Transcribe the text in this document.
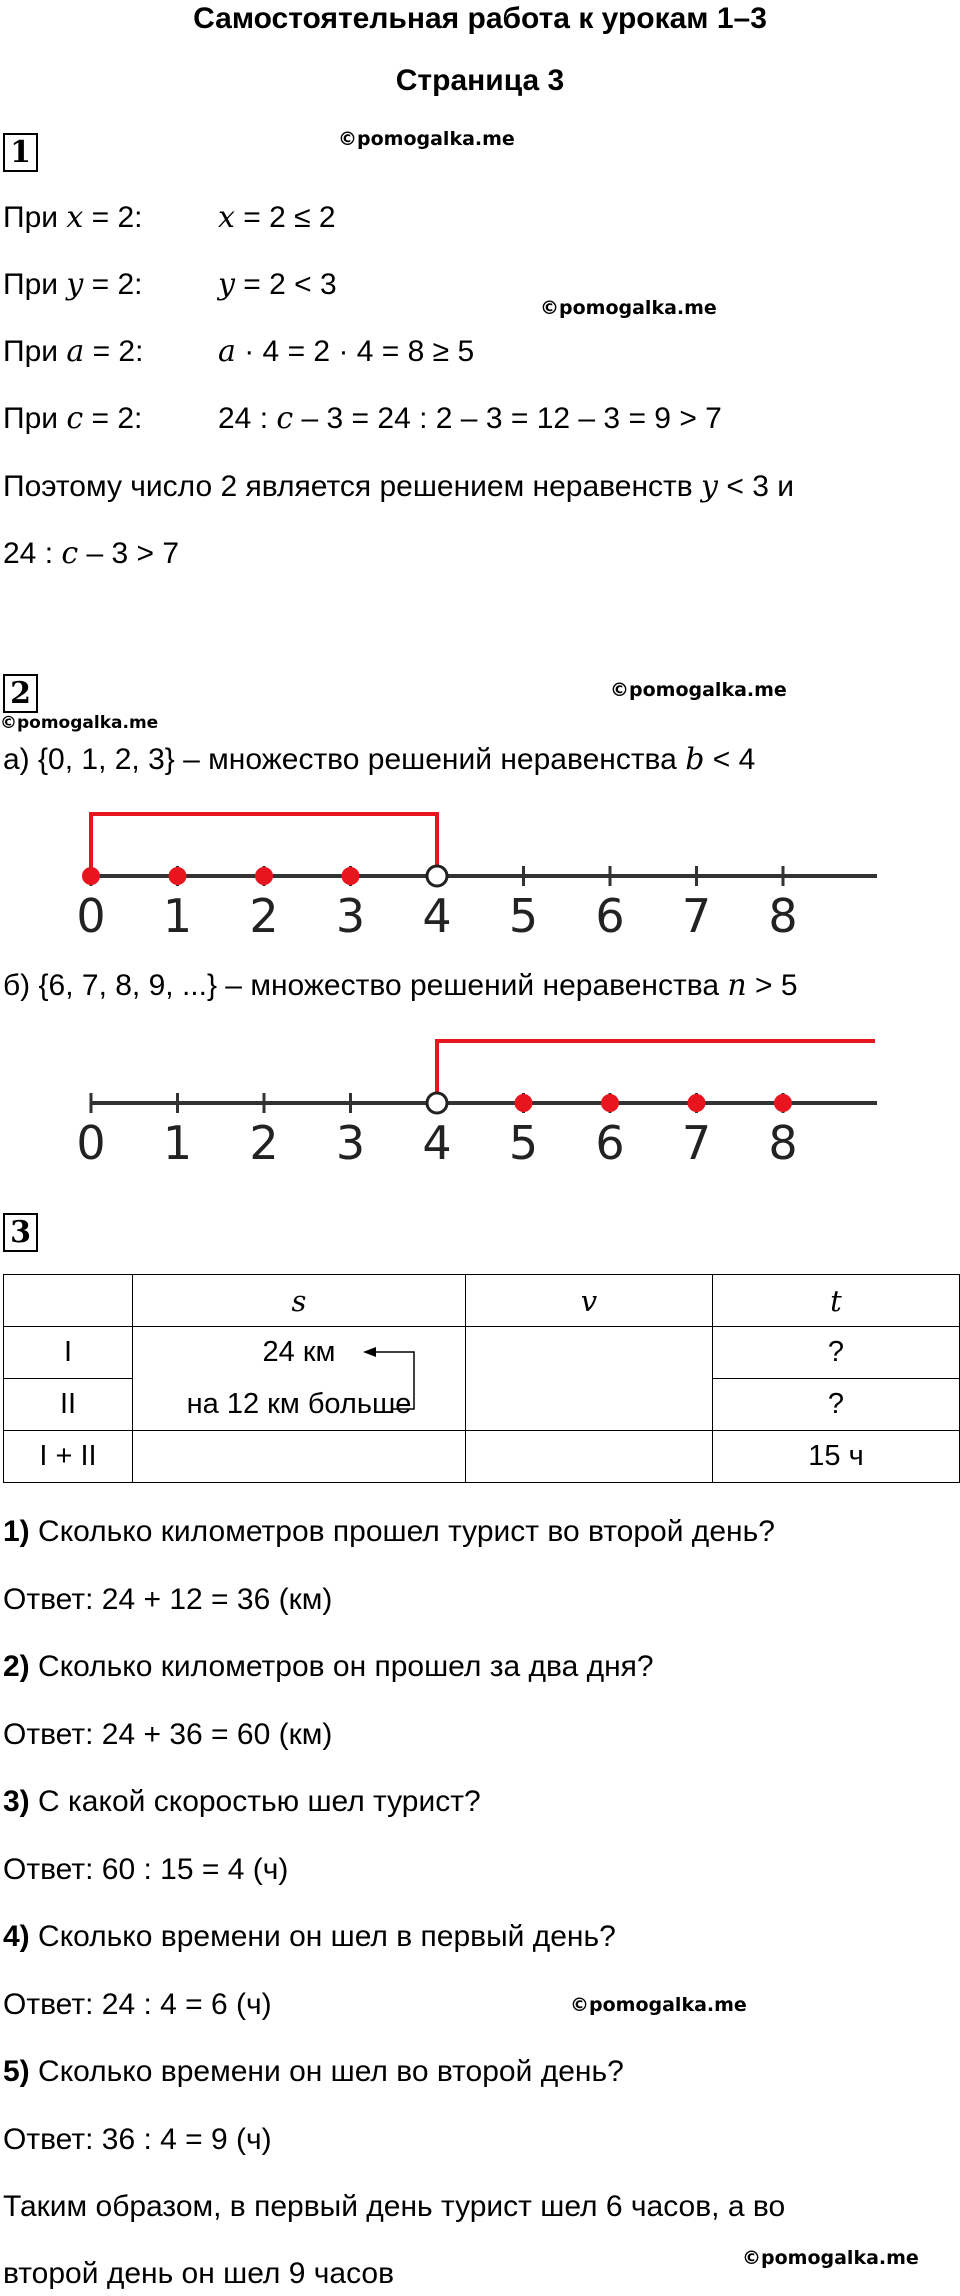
Самостоятельная работа к урокам 1–3
Страница 3
©pomogalka.me
©pomogalka.me
©pomogalka.me
©pomogalka.me
©pomogalka.me
©pomogalka.me
1
При x = 2:	x = 2 ≤ 2
При y = 2:	y = 2 < 3
При a = 2: a · 4 = 2 · 4 = 8 ≥ 5
При c = 2:	24 : c – 3 = 24 : 2 – 3 = 12 – 3 = 9 > 7
Поэтому число 2 является решением неравенств y < 3 и
24 : c – 3 > 7
2
а) {0, 1, 2, 3} – множество решений неравенства b < 4
0 1 2 3 4 5 6 7 8
б) {6, 7, 8, 9, ...} – множество решений неравенства n > 5
0 1 2 3 4 5 6 7 8
3
	s	v	t
I	24 км		?
II	на 12 км больше		?
I + II			15 ч
1) Сколько километров прошел турист во второй день?
Ответ: 24 + 12 = 36 (км)
2) Сколько километров он прошел за два дня?
Ответ: 24 + 36 = 60 (км)
3) С какой скоростью шел турист?
Ответ: 60 : 15 = 4 (ч)
4) Сколько времени он шел в первый день?
Ответ: 24 : 4 = 6 (ч)
5) Сколько времени он шел во второй день?
Ответ: 36 : 4 = 9 (ч)
Таким образом, в первый день турист шел 6 часов, а во
второй день он шел 9 часов
